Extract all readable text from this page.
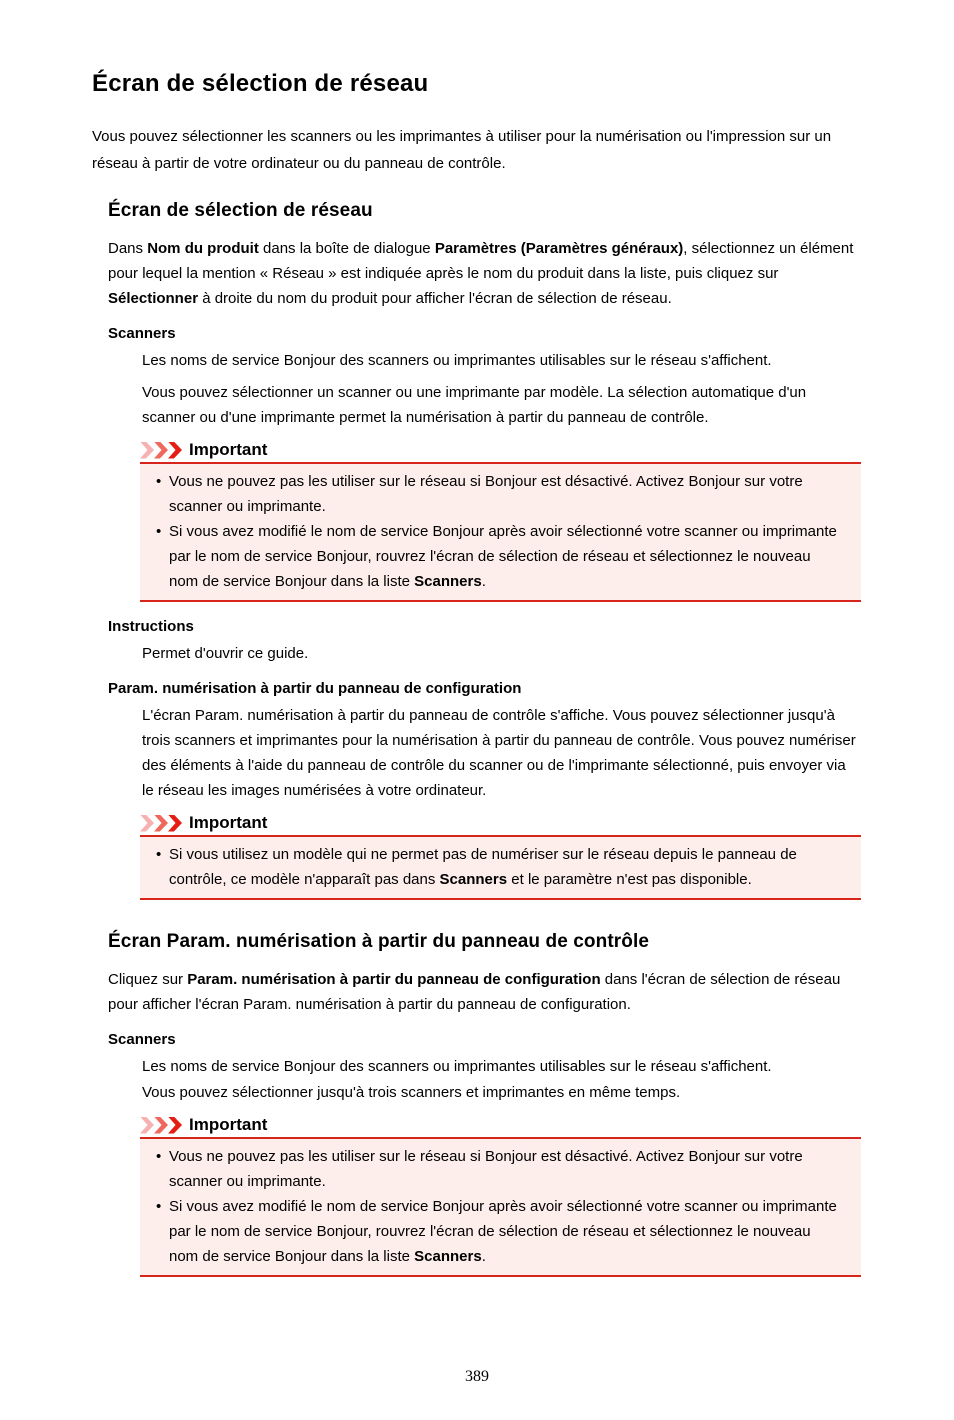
Écran de sélection de réseau

Vous pouvez sélectionner les scanners ou les imprimantes à utiliser pour la numérisation ou l'impression sur un réseau à partir de votre ordinateur ou du panneau de contrôle.

Écran de sélection de réseau

Dans Nom du produit dans la boîte de dialogue Paramètres (Paramètres généraux), sélectionnez un élément pour lequel la mention « Réseau » est indiquée après le nom du produit dans la liste, puis cliquez sur Sélectionner à droite du nom du produit pour afficher l'écran de sélection de réseau.

Scanners

Les noms de service Bonjour des scanners ou imprimantes utilisables sur le réseau s'affichent.

Vous pouvez sélectionner un scanner ou une imprimante par modèle. La sélection automatique d'un scanner ou d'une imprimante permet la numérisation à partir du panneau de contrôle.

Important
• Vous ne pouvez pas les utiliser sur le réseau si Bonjour est désactivé. Activez Bonjour sur votre scanner ou imprimante.
• Si vous avez modifié le nom de service Bonjour après avoir sélectionné votre scanner ou imprimante par le nom de service Bonjour, rouvrez l'écran de sélection de réseau et sélectionnez le nouveau nom de service Bonjour dans la liste Scanners.
Instructions

Permet d'ouvrir ce guide.

Param. numérisation à partir du panneau de configuration

L'écran Param. numérisation à partir du panneau de contrôle s'affiche. Vous pouvez sélectionner jusqu'à trois scanners et imprimantes pour la numérisation à partir du panneau de contrôle. Vous pouvez numériser des éléments à l'aide du panneau de contrôle du scanner ou de l'imprimante sélectionné, puis envoyer via le réseau les images numérisées à votre ordinateur.

Important
• Si vous utilisez un modèle qui ne permet pas de numériser sur le réseau depuis le panneau de contrôle, ce modèle n'apparaît pas dans Scanners et le paramètre n'est pas disponible.
Écran Param. numérisation à partir du panneau de contrôle

Cliquez sur Param. numérisation à partir du panneau de configuration dans l'écran de sélection de réseau pour afficher l'écran Param. numérisation à partir du panneau de configuration.

Scanners

Les noms de service Bonjour des scanners ou imprimantes utilisables sur le réseau s'affichent.

Vous pouvez sélectionner jusqu'à trois scanners et imprimantes en même temps.

Important
• Vous ne pouvez pas les utiliser sur le réseau si Bonjour est désactivé. Activez Bonjour sur votre scanner ou imprimante.
• Si vous avez modifié le nom de service Bonjour après avoir sélectionné votre scanner ou imprimante par le nom de service Bonjour, rouvrez l'écran de sélection de réseau et sélectionnez le nouveau nom de service Bonjour dans la liste Scanners.
389
